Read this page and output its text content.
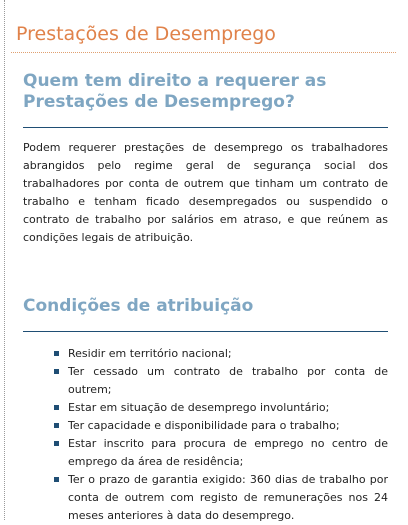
Prestações de Desemprego
Quem tem direito a requerer as Prestações de Desemprego?

Podem requerer prestações de desemprego os trabalhadores abrangidos pelo regime geral de segurança social dos trabalhadores por conta de outrem que tinham um contrato de trabalho e tenham ficado desempregados ou suspendido o contrato de trabalho por salários em atraso, e que reúnem as condições legais de atribuição.

Condições de atribuição
Residir em território nacional;
Ter cessado um contrato de trabalho por conta de outrem;
Estar em situação de desemprego involuntário;
Ter capacidade e disponibilidade para o trabalho;
Estar inscrito para procura de emprego no centro de emprego da área de residência;
Ter o prazo de garantia exigido: 360 dias de trabalho por conta de outrem com registo de remunerações nos 24 meses anteriores à data do desemprego.
